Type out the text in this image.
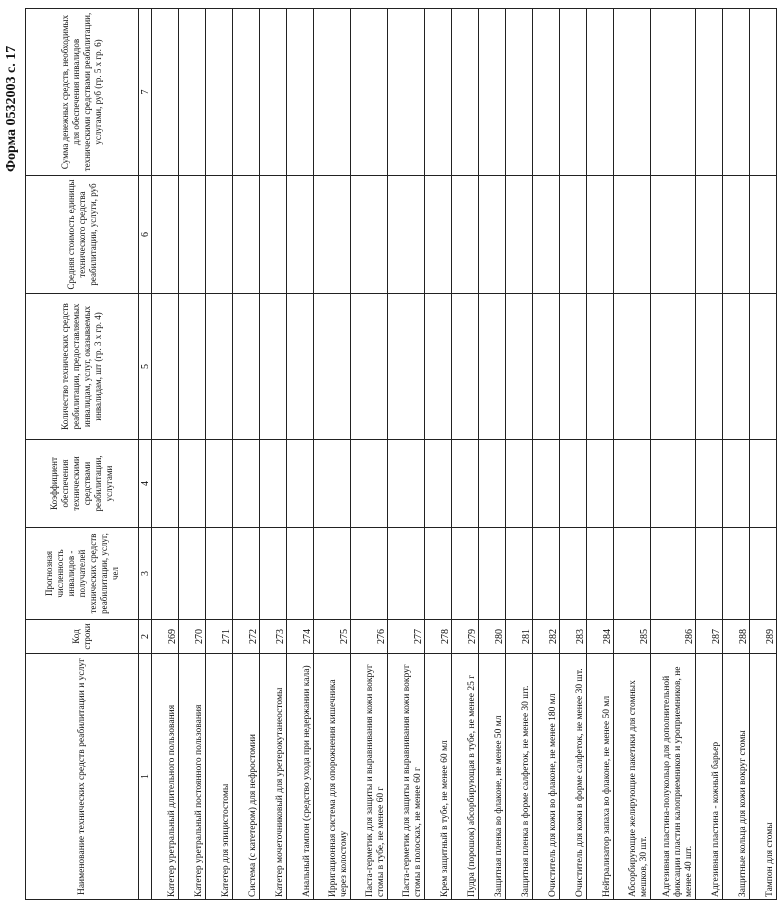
Форма 0532003 с. 17
Наименование технических средств реабилитации и услуг	Код строки	Прогнозная численность инвалидов - получателей технических средств реабилитации, услуг, чел	Коэффициент обеспечения техническими средствами реабилитации, услугами	Количество технических средств реабилитации, предоставляемых инвалидам, услуг, оказываемых инвалидам, шт (гр. 3 х гр. 4)	Средняя стоимость единицы технического средства реабилитации, услуги, руб	Сумма денежных средств, необходимых для обеспечения инвалидов техническими средствами реабилитации, услугами, руб (гр. 5 х гр. 6)
1	2	3	4	5	6	7
Катетер уретральный длительного пользования	269					
Катетер уретральный постоянного пользования	270					
Катетер для эпицистостомы	271					
Система (с катетером) для нефростомии	272					
Катетер мочеточниковый для уретерокутанеостомы	273					
Анальный тампон (средство ухода при недержании кала)	274					
Ирригационная система для опорожнения кишечника через колостому	275					
Паста-герметик для защиты и выравнивания кожи вокруг стомы в тубе, не менее 60 г	276					
Паста-герметик для защиты и выравнивания кожи вокруг стомы в полосках, не менее 60 г	277					
Крем защитный в тубе, не менее 60 мл	278					
Пудра (порошок) абсорбирующая в тубе, не менее 25 г	279					
Защитная пленка во флаконе, не менее 50 мл	280					
Защитная пленка в форме салфеток, не менее 30 шт.	281					
Очиститель для кожи во флаконе, не менее 180 мл	282					
Очиститель для кожи в форме салфеток, не менее 30 шт.	283					
Нейтрализатор запаха во флаконе, не менее 50 мл	284					
Абсорбирующие желирующие пакетики для стомных мешков, 30 шт.	285					
Адгезивная пластина-полукольцо для дополнительной фиксации пластин калоприемников и уроприемников, не менее 40 шт.	286					
Адгезивная пластина - кожный барьер	287					
Защитные кольца для кожи вокруг стомы	288					
Тампон для стомы	289					
